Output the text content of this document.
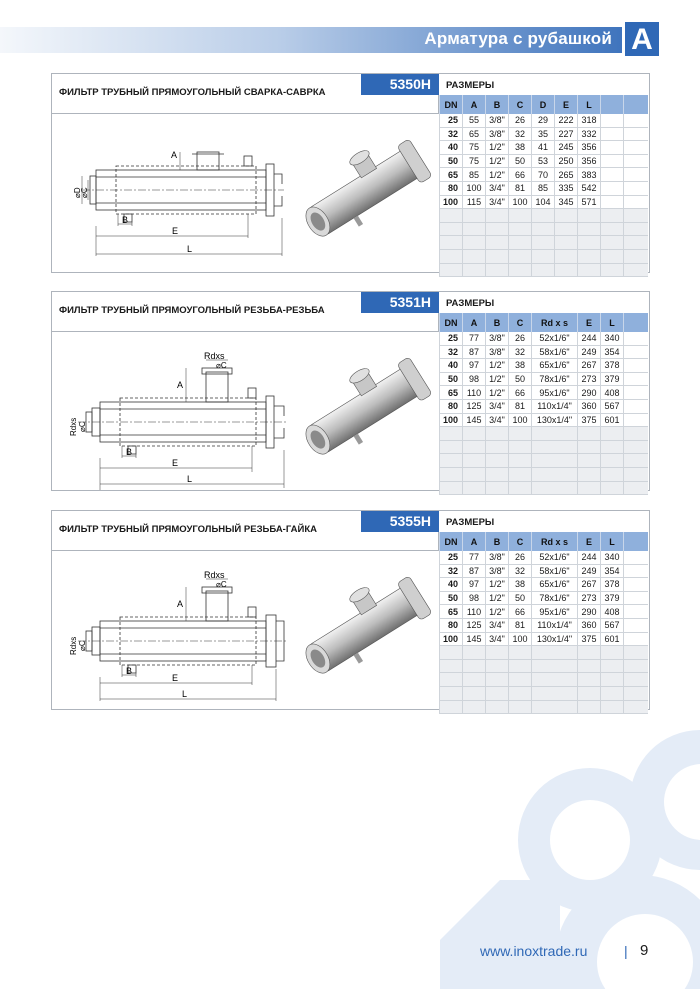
Арматура с рубашкой A
ФИЛЬТР ТРУБНЫЙ ПРЯМОУГОЛЬНЫЙ СВАРКА-САВРКА
5350H	РАЗМЕРЫ
A
⌀D
⌀C
B
E
L
DN	A	B	C	D	E	L		
25	55	3/8"	26	29	222	318		
32	65	3/8"	32	35	227	332		
40	75	1/2"	38	41	245	356		
50	75	1/2"	50	53	250	356		
65	85	1/2"	66	70	265	383		
80	100	3/4"	81	85	335	542		
100	115	3/4"	100	104	345	571		

ФИЛЬТР ТРУБНЫЙ ПРЯМОУГОЛЬНЫЙ РЕЗЬБА-РЕЗЬБА
5351H	РАЗМЕРЫ
Rdxs
⌀C
A
Rdxs ⌀C
B
E
L
DN	A	B	C	Rd x s	E	L	
25	77	3/8"	26	52x1/6"	244	340	
32	87	3/8"	32	58x1/6"	249	354	
40	97	1/2"	38	65x1/6"	267	378	
50	98	1/2"	50	78x1/6"	273	379	
65	110	1/2"	66	95x1/6"	290	408	
80	125	3/4"	81	110x1/4"	360	567	
100	145	3/4"	100	130x1/4"	375	601	

ФИЛЬТР ТРУБНЫЙ ПРЯМОУГОЛЬНЫЙ РЕЗЬБА-ГАЙКА
5355H	РАЗМЕРЫ
Rdxs
⌀C
A
Rdxs ⌀C
B
E
L
DN	A	B	C	Rd x s	E	L	
25	77	3/8"	26	52x1/6"	244	340	
32	87	3/8"	32	58x1/6"	249	354	
40	97	1/2"	38	65x1/6"	267	378	
50	98	1/2"	50	78x1/6"	273	379	
65	110	1/2"	66	95x1/6"	290	408	
80	125	3/4"	81	110x1/4"	360	567	
100	145	3/4"	100	130x1/4"	375	601	

www.inoxtrade.ru	| 9
